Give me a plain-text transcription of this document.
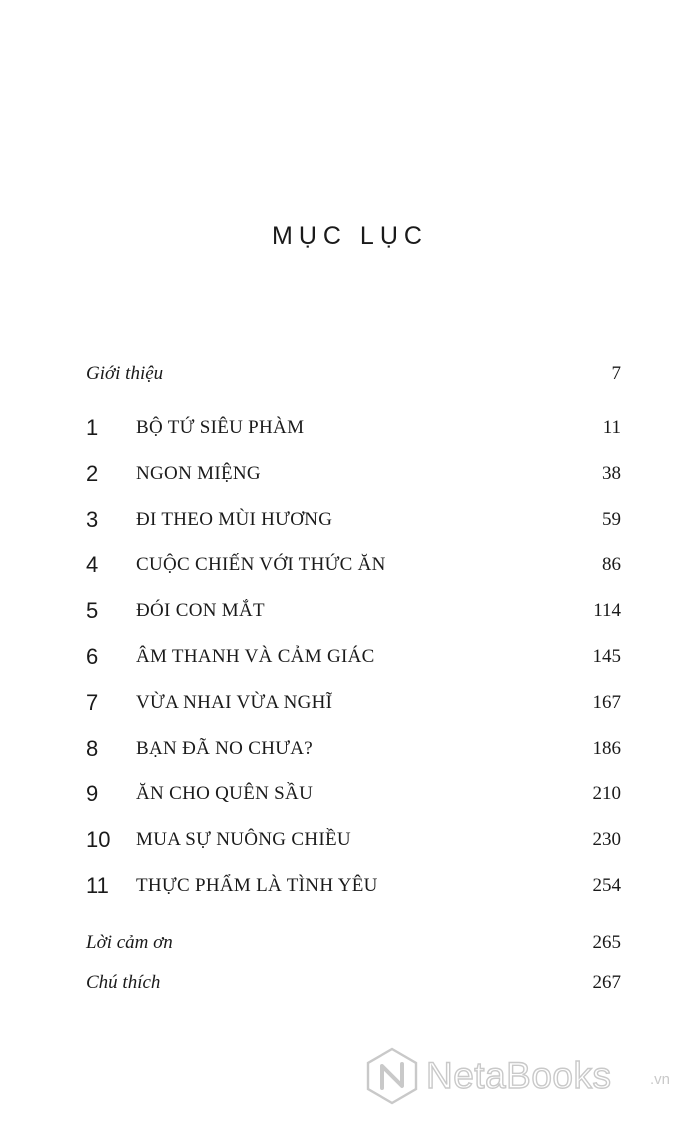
MỤC LỤC
Giới thiệu	7
1 BỘ TỨ SIÊU PHÀM	11
2 NGON MIỆNG	38
3 ĐI THEO MÙI HƯƠNG	59
4 CUỘC CHIẾN VỚI THỨC ĂN	86
5 ĐÓI CON MẮT	114
6 ÂM THANH VÀ CẢM GIÁC	145
7 VỪA NHAI VỪA NGHĨ	167
8 BẠN ĐÃ NO CHƯA?	186
9 ĂN CHO QUÊN SẦU	210
10 MUA SỰ NUÔNG CHIỀU	230
11 THỰC PHẨM LÀ TÌNH YÊU	254
Lời cảm ơn	265
Chú thích	267
NetaBooks	.vn
